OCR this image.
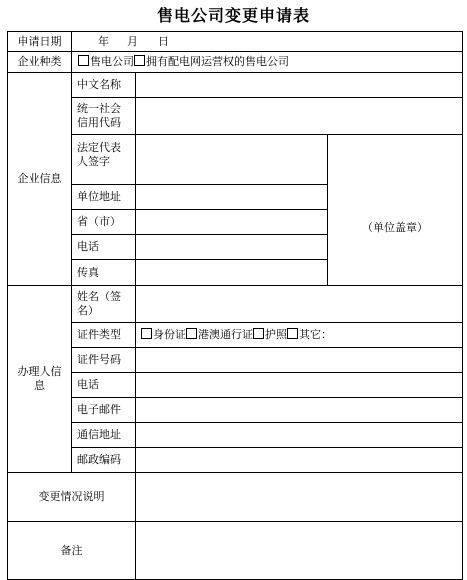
售电公司变更申请表
申请日期	年 月 日		
企业种类	售电公司 拥有配电网运营权的售电公司		
企业信息	中文名称		
	统一社会信用代码		
	法定代表人签字		（单位盖章）
	单位地址		
	省（市）		
	电话		
	传真		
办理人信息	姓名（签名）		
	证件类型	身份证 港澳通行证 护照 其它：	
	证件号码		
	电话		
	电子邮件		
	通信地址		
	邮政编码		
变更情况说明			
备注			
